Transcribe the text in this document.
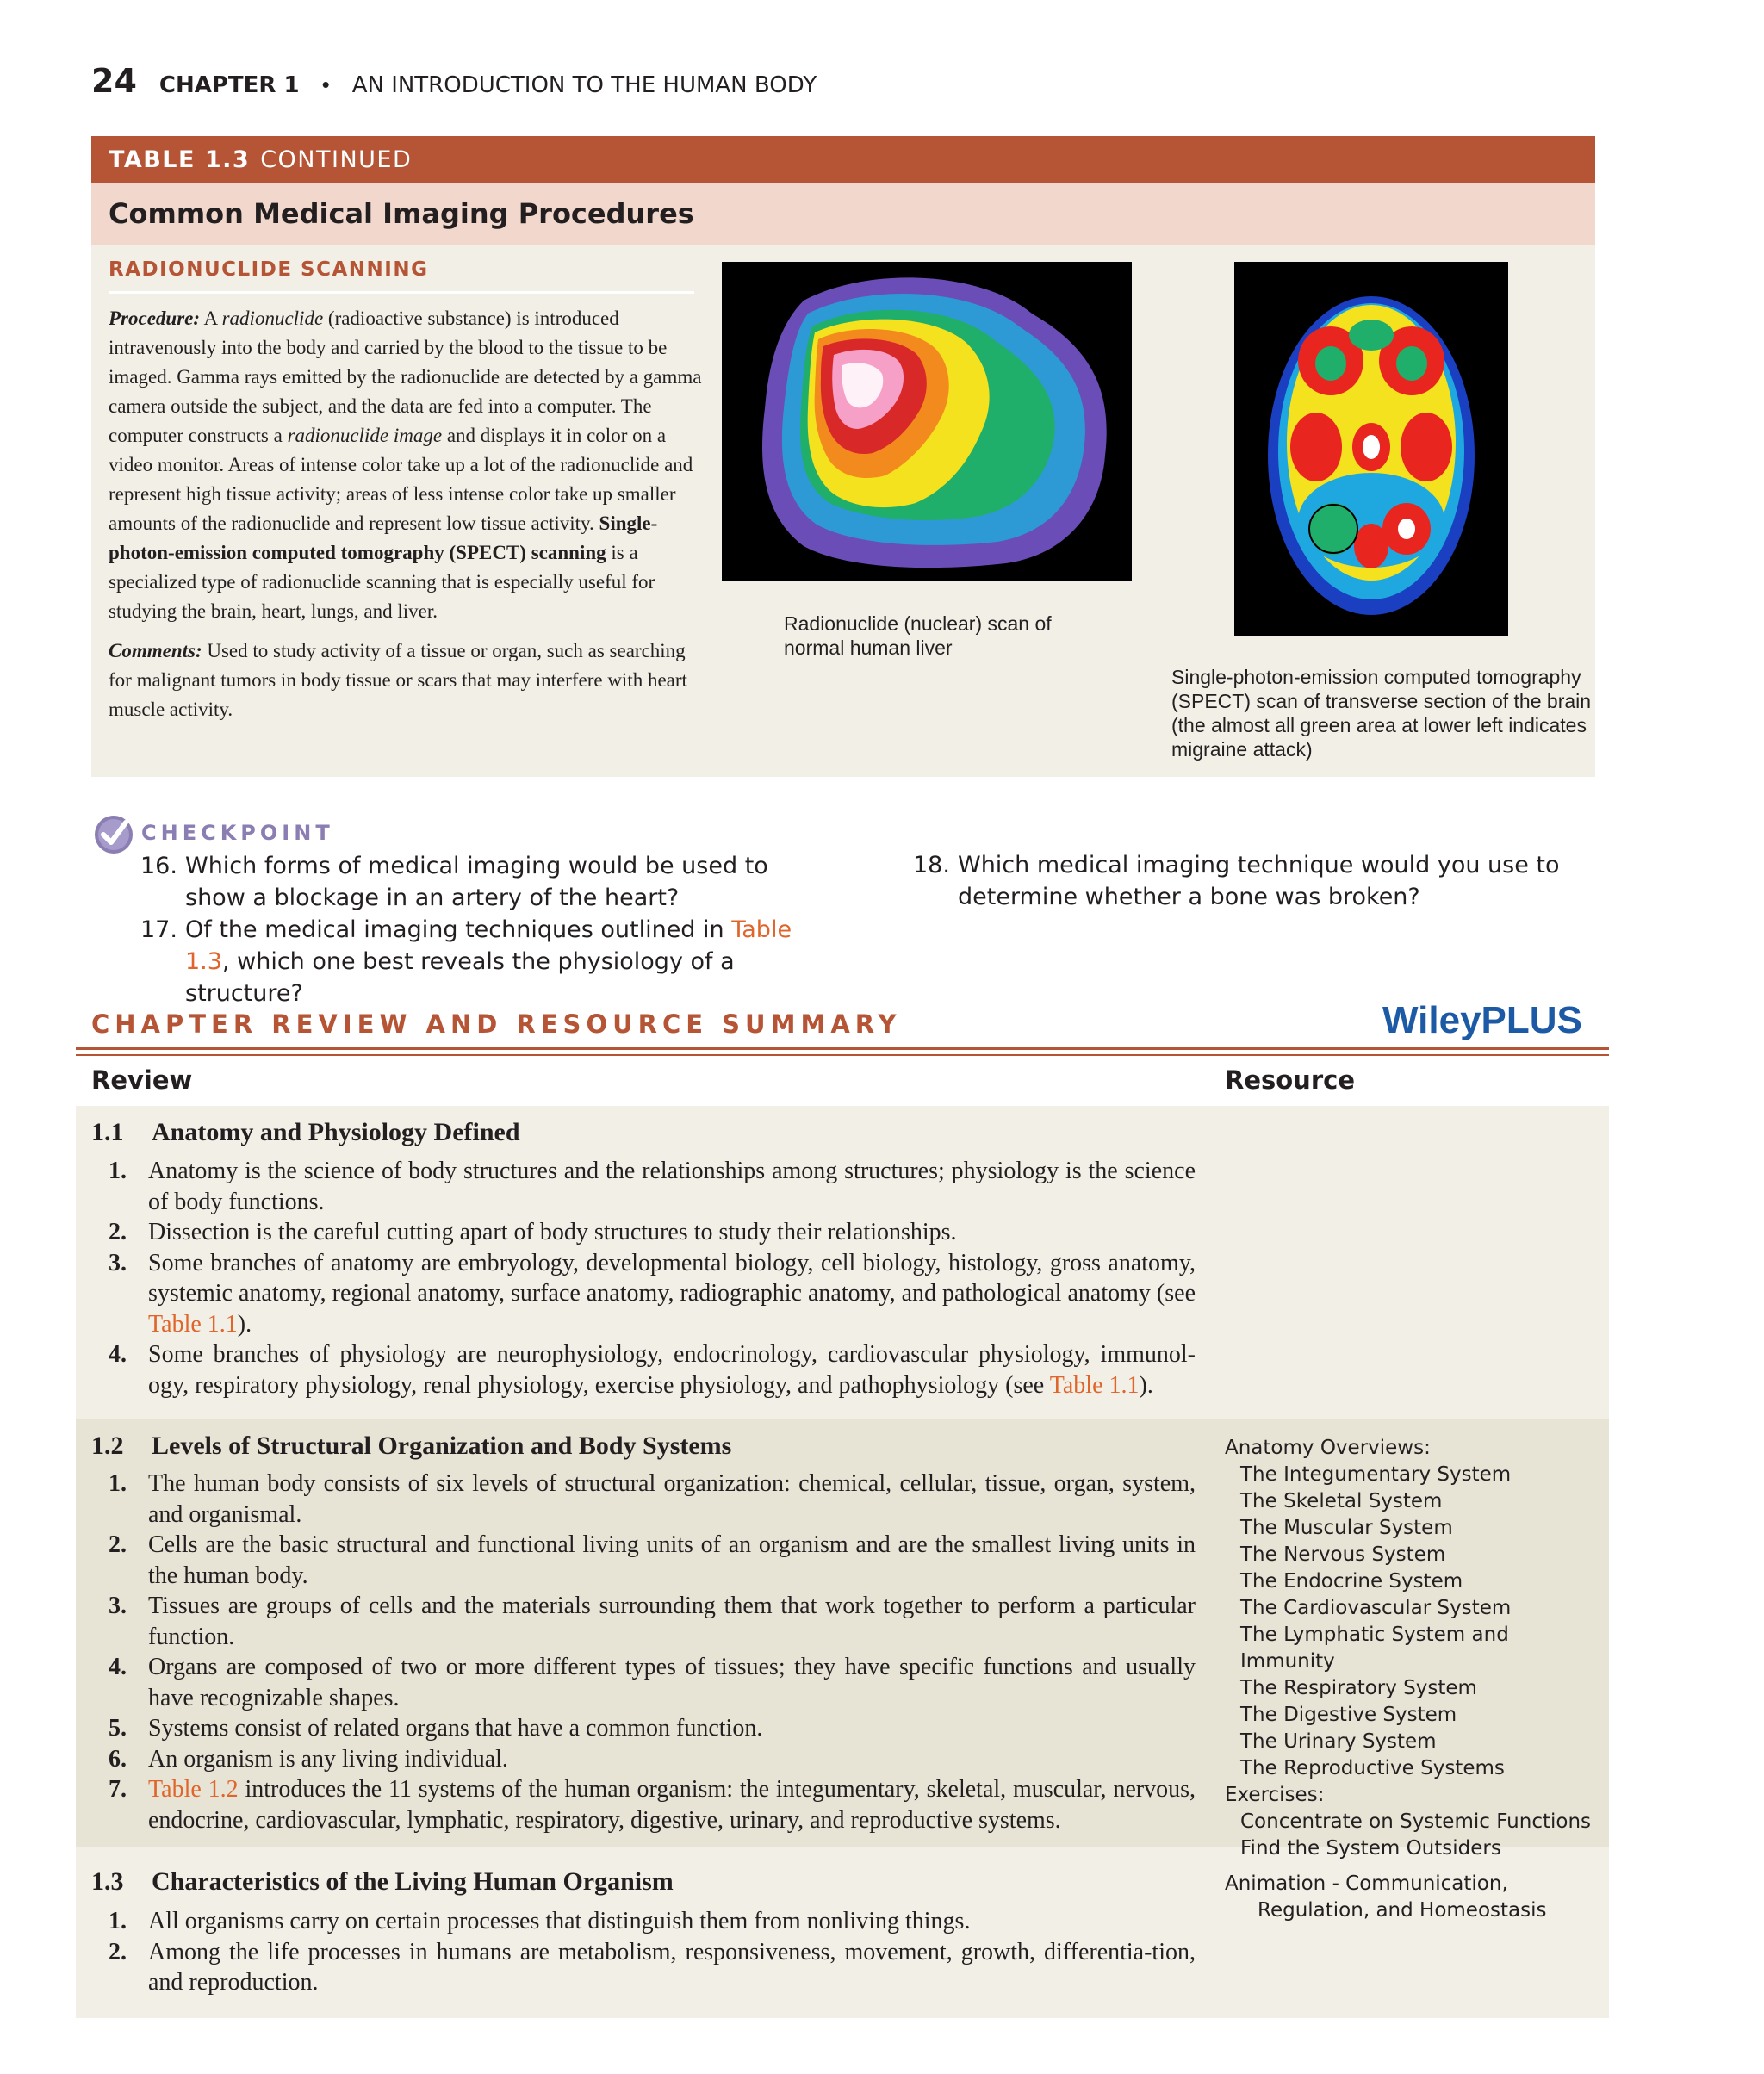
24 CHAPTER 1 • AN INTRODUCTION TO THE HUMAN BODY
TABLE 1.3 CONTINUED
Common Medical Imaging Procedures
RADIONUCLIDE SCANNING

Procedure: A radionuclide (radioactive substance) is introduced intravenously into the body and carried by the blood to the tissue to be imaged. Gamma rays emitted by the radionuclide are detected by a gamma camera outside the subject, and the data are fed into a computer. The computer constructs a radionuclide image and displays it in color on a video monitor. Areas of intense color take up a lot of the radionuclide and represent high tissue activity; areas of less intense color take up smaller amounts of the radionuclide and represent low tissue activity. Single-photon-emission computed tomography (SPECT) scanning is a specialized type of radionuclide scanning that is especially useful for studying the brain, heart, lungs, and liver.

Comments: Used to study activity of a tissue or organ, such as searching for malignant tumors in body tissue or scars that may interfere with heart muscle activity.

Radionuclide (nuclear) scan of normal human liver
Single-photon-emission computed tomography (SPECT) scan of transverse section of the brain (the almost all green area at lower left indicates migraine attack)
CHECKPOINT
16. Which forms of medical imaging would be used to show a blockage in an artery of the heart?
17. Of the medical imaging techniques outlined in Table 1.3, which one best reveals the physiology of a structure?
18. Which medical imaging technique would you use to determine whether a bone was broken?
CHAPTER REVIEW AND RESOURCE SUMMARY	WileyPLUS
Review	Resource
1.1 Anatomy and Physiology Defined
1. Anatomy is the science of body structures and the relationships among structures; physiology is the science of body functions.
2. Dissection is the careful cutting apart of body structures to study their relationships.
3. Some branches of anatomy are embryology, developmental biology, cell biology, histology, gross anatomy, systemic anatomy, regional anatomy, surface anatomy, radiographic anatomy, and pathological anatomy (see Table 1.1).
4. Some branches of physiology are neurophysiology, endocrinology, cardiovascular physiology, immunol-ogy, respiratory physiology, renal physiology, exercise physiology, and pathophysiology (see Table 1.1).
1.2 Levels of Structural Organization and Body Systems
1. The human body consists of six levels of structural organization: chemical, cellular, tissue, organ, system, and organismal.
2. Cells are the basic structural and functional living units of an organism and are the smallest living units in the human body.
3. Tissues are groups of cells and the materials surrounding them that work together to perform a particular function.
4. Organs are composed of two or more different types of tissues; they have specific functions and usually have recognizable shapes.
5. Systems consist of related organs that have a common function.
6. An organism is any living individual.
7. Table 1.2 introduces the 11 systems of the human organism: the integumentary, skeletal, muscular, nervous, endocrine, cardiovascular, lymphatic, respiratory, digestive, urinary, and reproductive systems.
Anatomy Overviews:
The Integumentary System
The Skeletal System
The Muscular System
The Nervous System
The Endocrine System
The Cardiovascular System
The Lymphatic System and Immunity
The Respiratory System
The Digestive System
The Urinary System
The Reproductive Systems
Exercises:
Concentrate on Systemic Functions
Find the System Outsiders
1.3 Characteristics of the Living Human Organism
1. All organisms carry on certain processes that distinguish them from nonliving things.
2. Among the life processes in humans are metabolism, responsiveness, movement, growth, differentia-tion, and reproduction.
Animation - Communication,
Regulation, and Homeostasis
